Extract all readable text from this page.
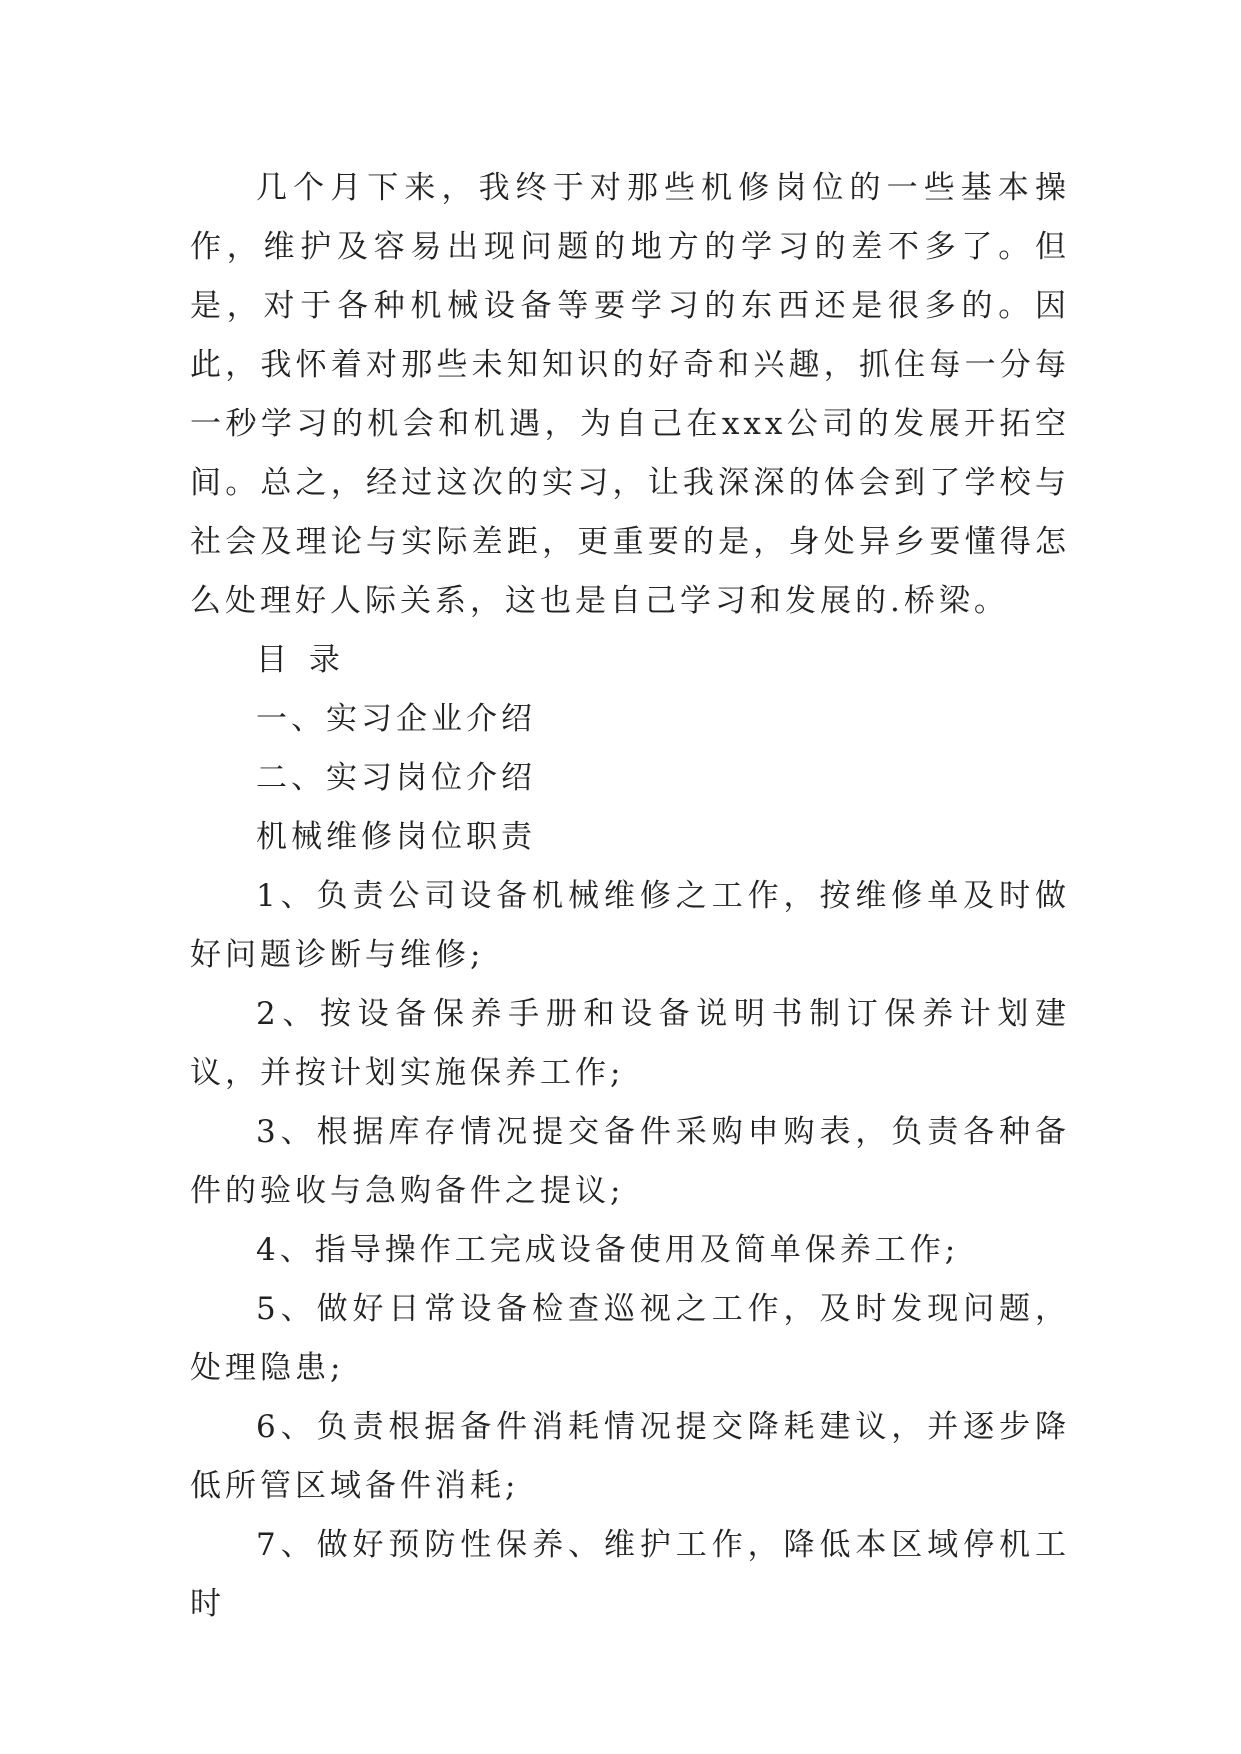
几个月下来，我终于对那些机修岗位的一些基本操作，维护及容易出现问题的地方的学习的差不多了。但是，对于各种机械设备等要学习的东西还是很多的。因此，我怀着对那些未知知识的好奇和兴趣，抓住每一分每一秒学习的机会和机遇，为自己在xxx公司的发展开拓空间。总之，经过这次的实习，让我深深的体会到了学校与社会及理论与实际差距，更重要的是，身处异乡要懂得怎么处理好人际关系，这也是自己学习和发展的.桥梁。

目 录

一、实习企业介绍

二、实习岗位介绍

机械维修岗位职责

1、负责公司设备机械维修之工作，按维修单及时做好问题诊断与维修;

2、按设备保养手册和设备说明书制订保养计划建议，并按计划实施保养工作;

3、根据库存情况提交备件采购申购表，负责各种备件的验收与急购备件之提议;

4、指导操作工完成设备使用及简单保养工作;

5、做好日常设备检查巡视之工作，及时发现问题，处理隐患;

6、负责根据备件消耗情况提交降耗建议，并逐步降低所管区域备件消耗;

7、做好预防性保养、维护工作，降低本区域停机工时
